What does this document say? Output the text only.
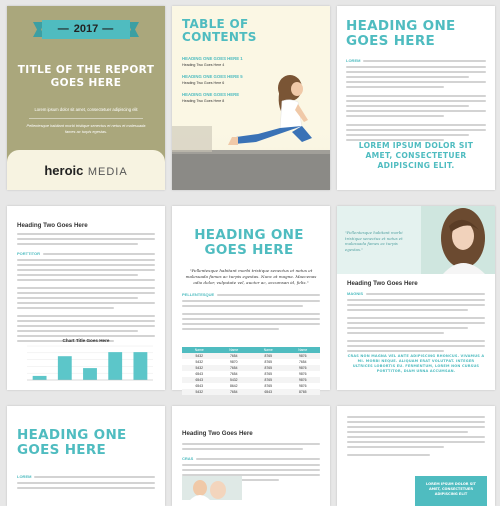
— 2017 —
TITLE OF THE REPORT GOES HERE
Lorem ipsum dolor sit amet, consectetuer adipiscing elit
Pellentesque habitant morbi tristique senectus et netus et malesuada fames ac turpis egestas.
heroic MEDIA
TABLE OF CONTENTS
HEADING ONE GOES HERE 1
Heading Two Goes Here 4
HEADING ONE GOES HERE 5
Heading Two Goes Here 6
HEADING ONE GOES HERE
Heading Two Goes Here 8
HEADING ONE GOES HERE
LOREM
LOREM IPSUM DOLOR SIT AMET, CONSECTETUER ADIPISCING ELIT.
Heading Two Goes Here
PORTTITOR
Chart Title Goes Here
HEADING ONE GOES HERE
"Pellentesque habitant morbi tristique senectus et netus et malesuada fames ac turpis egestas. Nunc at magna. Maecenas odio dolor, vulputate vel, auctor ac, accumsan id, felis."
PELLENTESQUE
Name	Name	Name	Name
5432	7654	8765	9876
5432	9870	8765	7654
5432	7654	8765	9876
6543	7654	8765	9876
6543	5432	8765	9876
6543	8642	8765	9876
5432	7654	6543	8765
"Pellentesque habitant morbi tristique senectus et netus et malesuada fames ac turpis egestas."
Heading Two Goes Here
MAGNIS
CRAS NON MAGNA VEL ANTE ADIPISCING RHONCUS. VIVAMUS A MI. MORBI NEQUE. ALIQUAM ERAT VOLUTPAT. INTEGER ULTRICES LOBORTIS EU. FERMENTUM, LOREM NON CURSUS PORTTITOR, DIAM URNA ACCUMSAN.
HEADING ONE GOES HERE
LOREM
Heading Two Goes Here
CRAS
LOREM IPSUM DOLOR SIT AMET, CONSECTETUER ADIPISCING ELIT
